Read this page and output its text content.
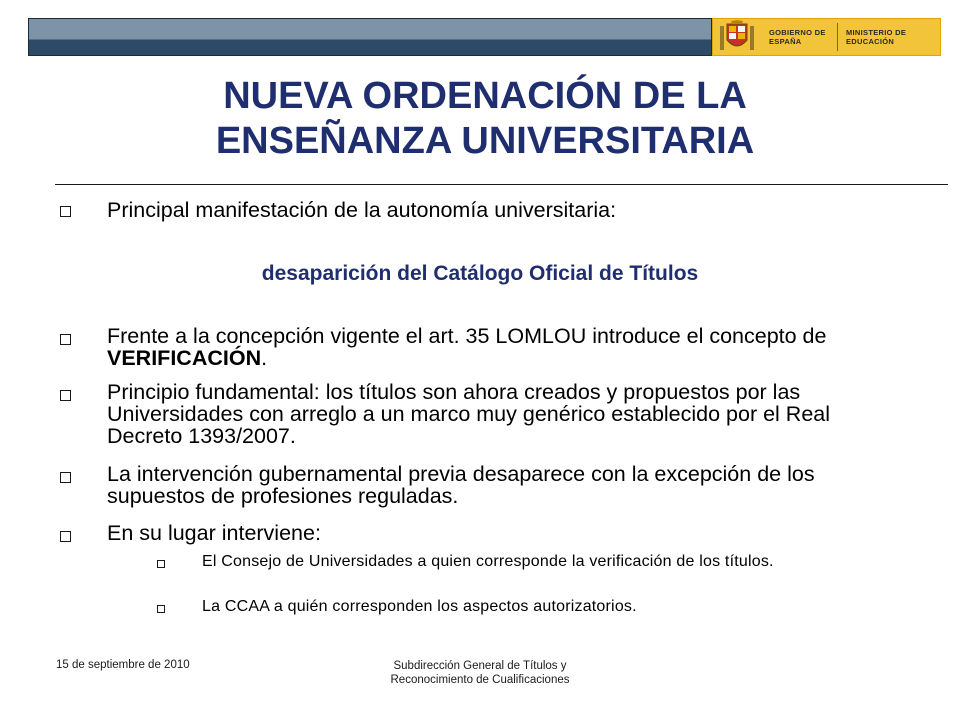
GOBIERNO DE ESPAÑA
MINISTERIO DE EDUCACIÓN
NUEVA ORDENACIÓN DE LA
ENSEÑANZA UNIVERSITARIA
Principal manifestación de la autonomía universitaria:
desaparición del Catálogo Oficial de Títulos
Frente a la concepción vigente el art. 35 LOMLOU introduce el concepto de VERIFICACIÓN.
Principio fundamental: los títulos son ahora creados y propuestos por las Universidades con arreglo a un marco muy genérico establecido por el Real Decreto 1393/2007.
La intervención gubernamental previa desaparece con la excepción de los supuestos de profesiones reguladas.
En su lugar interviene:
El Consejo de Universidades a quien corresponde la verificación de los títulos.
La CCAA a quién corresponden los aspectos autorizatorios.
15 de septiembre de 2010	Subdirección General de Títulos y
Reconocimiento de Cualificaciones
